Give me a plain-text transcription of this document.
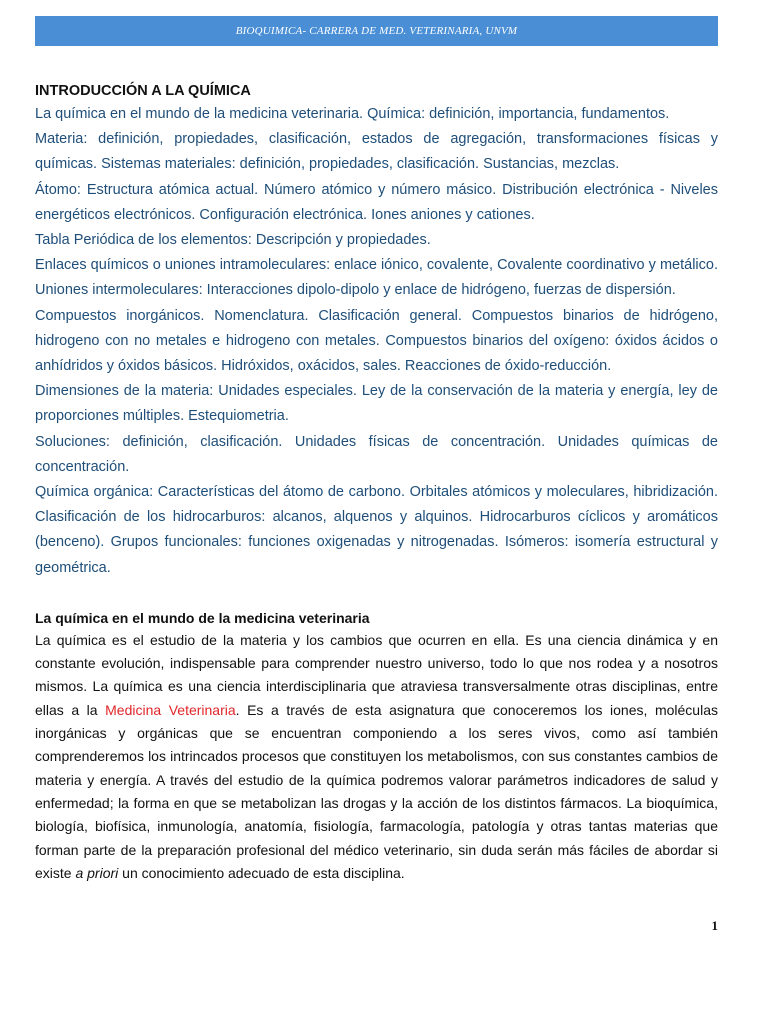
BIOQUIMICA- CARRERA DE MED. VETERINARIA, UNVM
INTRODUCCIÓN A LA QUÍMICA

La química en el mundo de la medicina veterinaria. Química: definición, importancia, fundamentos.

Materia: definición, propiedades, clasificación, estados de agregación, transformaciones físicas y químicas. Sistemas materiales: definición, propiedades, clasificación. Sustancias, mezclas.

Átomo: Estructura atómica actual. Número atómico y número másico. Distribución electrónica - Niveles energéticos electrónicos. Configuración electrónica. Iones aniones y cationes.

Tabla Periódica de los elementos: Descripción y propiedades.

Enlaces químicos o uniones intramoleculares: enlace iónico, covalente, Covalente coordinativo y metálico. Uniones intermoleculares: Interacciones dipolo-dipolo y enlace de hidrógeno, fuerzas de dispersión.

Compuestos inorgánicos. Nomenclatura. Clasificación general. Compuestos binarios de hidrógeno, hidrogeno con no metales e hidrogeno con metales. Compuestos binarios del oxígeno: óxidos ácidos o anhídridos y óxidos básicos. Hidróxidos, oxácidos, sales. Reacciones de óxido-reducción.

Dimensiones de la materia: Unidades especiales. Ley de la conservación de la materia y energía, ley de proporciones múltiples. Estequiometria.

Soluciones: definición, clasificación. Unidades físicas de concentración. Unidades químicas de concentración.

Química orgánica: Características del átomo de carbono. Orbitales atómicos y moleculares, hibridización. Clasificación de los hidrocarburos: alcanos, alquenos y alquinos. Hidrocarburos cíclicos y aromáticos (benceno). Grupos funcionales: funciones oxigenadas y nitrogenadas. Isómeros: isomería estructural y geométrica.

La química en el mundo de la medicina veterinaria

La química es el estudio de la materia y los cambios que ocurren en ella. Es una ciencia dinámica y en constante evolución, indispensable para comprender nuestro universo, todo lo que nos rodea y a nosotros mismos. La química es una ciencia interdisciplinaria que atraviesa transversalmente otras disciplinas, entre ellas a la Medicina Veterinaria. Es a través de esta asignatura que conoceremos los iones, moléculas inorgánicas y orgánicas que se encuentran componiendo a los seres vivos, como así también comprenderemos los intrincados procesos que constituyen los metabolismos, con sus constantes cambios de materia y energía. A través del estudio de la química podremos valorar parámetros indicadores de salud y enfermedad; la forma en que se metabolizan las drogas y la acción de los distintos fármacos. La bioquímica, biología, biofísica, inmunología, anatomía, fisiología, farmacología, patología y otras tantas materias que forman parte de la preparación profesional del médico veterinario, sin duda serán más fáciles de abordar si existe a priori un conocimiento adecuado de esta disciplina.

1
